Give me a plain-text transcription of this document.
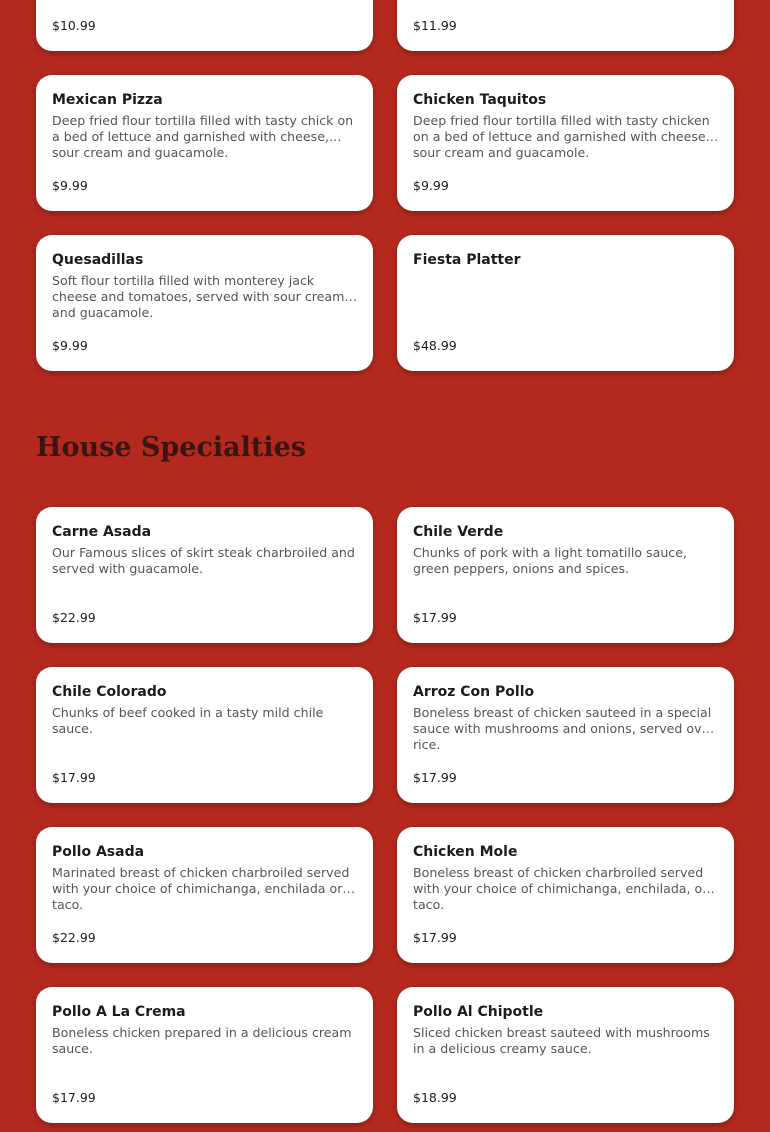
$10.99	$11.99
Mexican Pizza
Deep fried flour tortilla filled with tasty chick on a bed of lettuce and garnished with cheese, sour cream and guacamole.
$9.99
Chicken Taquitos
Deep fried flour tortilla filled with tasty chicken on a bed of lettuce and garnished with cheese, sour cream and guacamole.
$9.99
Quesadillas
Soft flour tortilla filled with monterey jack cheese and tomatoes, served with sour cream and guacamole.
$9.99
Fiesta Platter
$48.99
House Specialties
Carne Asada
Our Famous slices of skirt steak charbroiled and served with guacamole.
$22.99
Chile Verde
Chunks of pork with a light tomatillo sauce, green peppers, onions and spices.
$17.99
Chile Colorado
Chunks of beef cooked in a tasty mild chile sauce.
$17.99
Arroz Con Pollo
Boneless breast of chicken sauteed in a special sauce with mushrooms and onions, served over rice.
$17.99
Pollo Asada
Marinated breast of chicken charbroiled served with your choice of chimichanga, enchilada or taco.
$22.99
Chicken Mole
Boneless breast of chicken charbroiled served with your choice of chimichanga, enchilada, or taco.
$17.99
Pollo A La Crema
Boneless chicken prepared in a delicious cream sauce.
$17.99
Pollo Al Chipotle
Sliced chicken breast sauteed with mushrooms in a delicious creamy sauce.
$18.99
